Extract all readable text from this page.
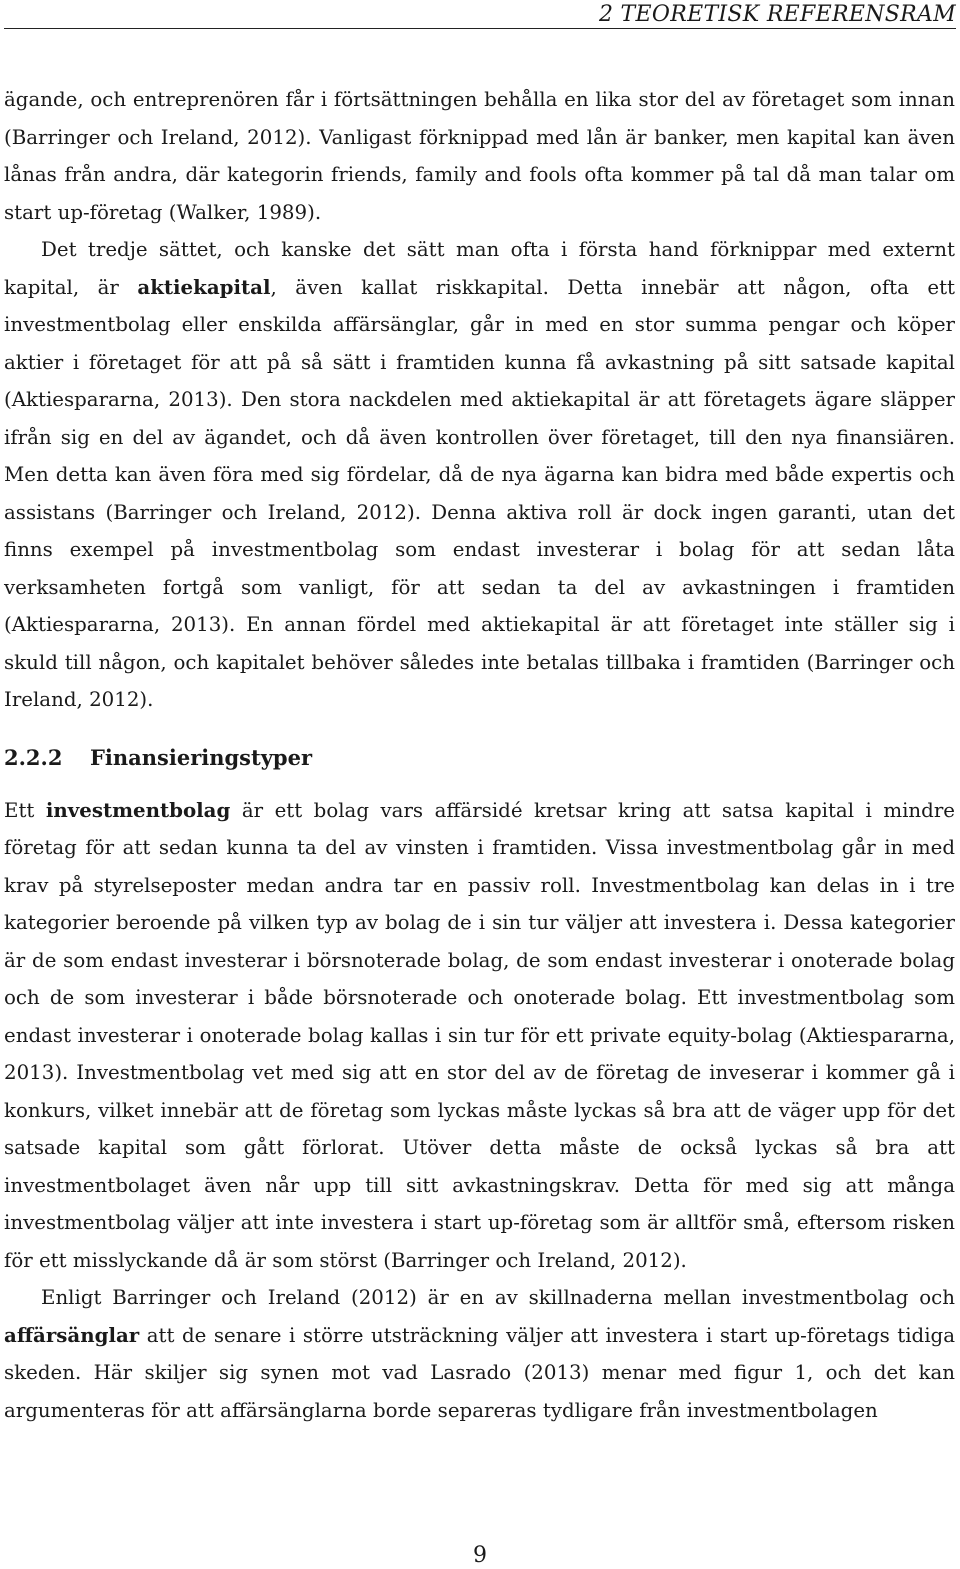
2 TEORETISK REFERENSRAM

ägande, och entreprenören får i förtsättningen behålla en lika stor del av företaget som innan (Barringer och Ireland, 2012). Vanligast förknippad med lån är banker, men kapital kan även lånas från andra, där kategorin friends, family and fools ofta kommer på tal då man talar om start up-företag (Walker, 1989).

Det tredje sättet, och kanske det sätt man ofta i första hand förknippar med externt kapital, är aktiekapital, även kallat riskkapital. Detta innebär att någon, ofta ett investmentbolag eller enskilda affärsänglar, går in med en stor summa pengar och köper aktier i företaget för att på så sätt i framtiden kunna få avkastning på sitt satsade kapital (Aktiespararna, 2013). Den stora nackdelen med aktiekapital är att företagets ägare släpper ifrån sig en del av ägandet, och då även kontrollen över företaget, till den nya finansiären. Men detta kan även föra med sig fördelar, då de nya ägarna kan bidra med både expertis och assistans (Barringer och Ireland, 2012). Denna aktiva roll är dock ingen garanti, utan det finns exempel på investmentbolag som endast investerar i bolag för att sedan låta verksamheten fortgå som vanligt, för att sedan ta del av avkastningen i framtiden (Aktiespararna, 2013). En annan fördel med aktiekapital är att företaget inte ställer sig i skuld till någon, och kapitalet behöver således inte betalas tillbaka i framtiden (Barringer och Ireland, 2012).

2.2.2 Finansieringstyper

Ett investmentbolag är ett bolag vars affärsidé kretsar kring att satsa kapital i mindre företag för att sedan kunna ta del av vinsten i framtiden. Vissa investmentbolag går in med krav på styrelseposter medan andra tar en passiv roll. Investmentbolag kan delas in i tre kategorier beroende på vilken typ av bolag de i sin tur väljer att investera i. Dessa kategorier är de som endast investerar i börsnoterade bolag, de som endast investerar i onoterade bolag och de som investerar i både börsnoterade och onoterade bolag. Ett investmentbolag som endast investerar i onoterade bolag kallas i sin tur för ett private equity-bolag (Aktiespararna, 2013). Investmentbolag vet med sig att en stor del av de företag de inveserar i kommer gå i konkurs, vilket innebär att de företag som lyckas måste lyckas så bra att de väger upp för det satsade kapital som gått förlorat. Utöver detta måste de också lyckas så bra att investmentbolaget även når upp till sitt avkastningskrav. Detta för med sig att många investmentbolag väljer att inte investera i start up-företag som är alltför små, eftersom risken för ett misslyckande då är som störst (Barringer och Ireland, 2012).

Enligt Barringer och Ireland (2012) är en av skillnaderna mellan investmentbolag och affärsänglar att de senare i större utsträckning väljer att investera i start up-företags tidiga skeden. Här skiljer sig synen mot vad Lasrado (2013) menar med figur 1, och det kan argumenteras för att affärsänglarna borde separeras tydligare från investmentbolagen

9
